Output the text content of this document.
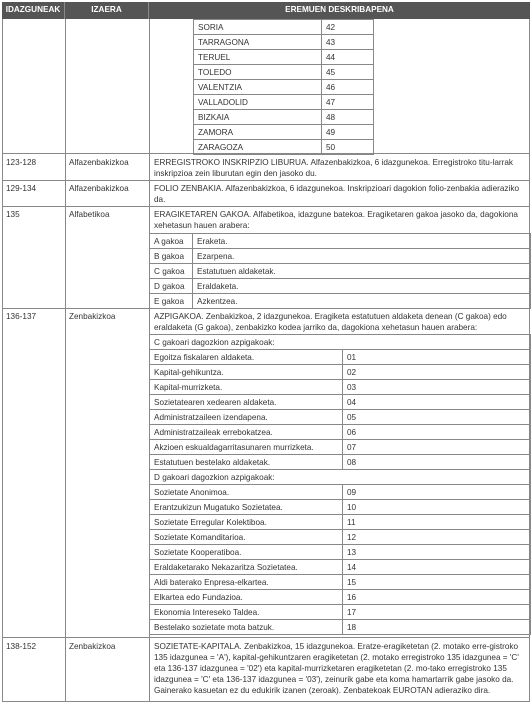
IDAZGUNEAK	IZAERA	EREMUEN DESKRIBAPENA
SORIA	42
TARRAGONA	43
TERUEL	44
TOLEDO	45
VALENTZIA	46
VALLADOLID	47
BIZKAIA	48
ZAMORA	49
ZARAGOZA	50
123-128	Alfazenbakizkoa	ERREGISTROKO INSKRIPZIO LIBURUA. Alfazenbakizkoa, 6 idazgunekoa. Erregistroko titu-larrak inskripzioa zein liburutan egin den jasoko du.
129-134	Alfazenbakizkoa	FOLIO ZENBAKIA. Alfazenbakizkoa, 6 idazgunekoa. Inskripzioari dagokion folio-zenbakia adieraziko da.
135	Alfabetikoa	ERAGIKETAREN GAKOA. Alfabetikoa, idazgune batekoa. Eragiketaren gakoa jasoko da, dagokiona xehetasun hauen arabera:
A gakoa	Eraketa.
B gakoa	Ezarpena.
C gakoa	Estatutuen aldaketak.
D gakoa	Eraldaketa.
E gakoa	Azkentzea.
136-137	Zenbakizkoa	AZPIGAKOA. Zenbakizkoa, 2 idazgunekoa. Eragiketa estatutuen aldaketa denean (C gakoa) edo eraldaketa (G gakoa), zenbakizko kodea jarriko da, dagokiona xehetasun hauen arabera:
C gakoari dagozkion azpigakoak:	
Egoitza fiskalaren aldaketa.	01
Kapital-gehikuntza.	02
Kapital-murrizketa.	03
Sozietatearen xedearen aldaketa.	04
Administratzaileen izendapena.	05
Administratzaileak errebokatzea.	06
Akzioen eskualdagarritasunaren murrizketa.	07
Estatutuen bestelako aldaketak.	08
D gakoari dagozkion azpigakoak:	
Sozietate Anonimoa.	09
Erantzukizun Mugatuko Sozietatea.	10
Sozietate Erregular Kolektiboa.	11
Sozietate Komanditarioa.	12
Sozietate Kooperatiboa.	13
Eraldaketarako Nekazaritza Sozietatea.	14
Aldi baterako Enpresa-elkartea.	15
Elkartea edo Fundazioa.	16
Ekonomia Intereseko Taldea.	17
Bestelako sozietate mota batzuk.	18
138-152	Zenbakizkoa	SOZIETATE-KAPITALA. Zenbakizkoa, 15 idazgunekoa. Eratze-eragiketetan (2. motako erre-gistroko 135 idazgunea = 'A'), kapital-gehikuntzaren eragiketetan (2. motako erregistroko 135 idazgunea = 'C' eta 136-137 idazgunea = '02') eta kapital-murrizketaren eragiketetan (2. mo-tako erregistroko 135 idazgunea = 'C' eta 136-137 idazgunea = '03'), zeinurik gabe eta koma hamartarrik gabe jasoko da. Gainerako kasuetan ez du edukirik izanen (zeroak). Zenbatekoak EUROTAN adieraziko dira.
